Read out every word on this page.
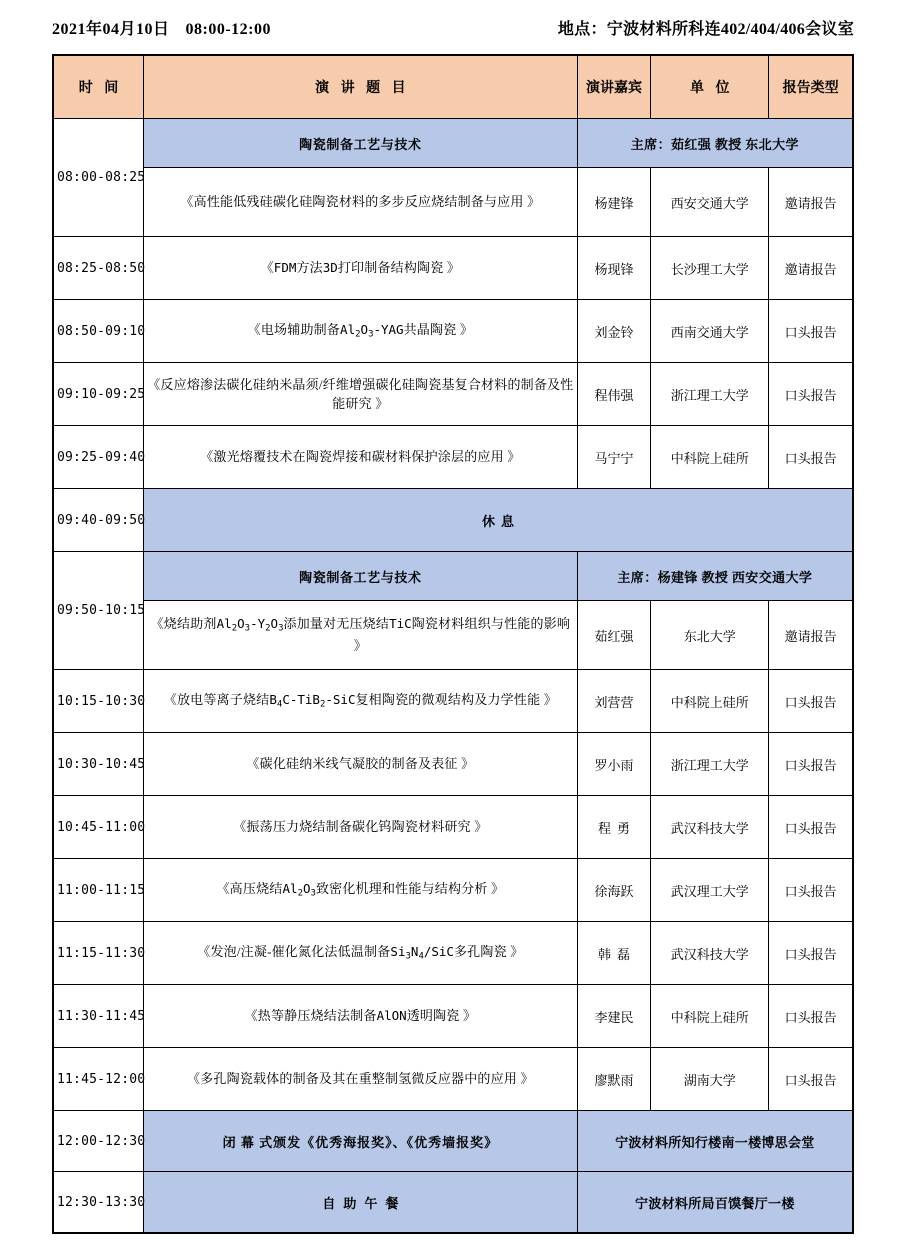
2021年04月10日 08:00-12:00	地点：宁波材料所科连402/404/406会议室
时 间	演 讲 题 目	演讲嘉宾	单 位	报告类型
08:00-08:25	陶瓷制备工艺与技术	主席：茹红强 教授 东北大学		
	《高性能低残硅碳化硅陶瓷材料的多步反应烧结制备与应用 》	杨建锋	西安交通大学	邀请报告
08:25-08:50	《FDM方法3D打印制备结构陶瓷 》	杨现锋	长沙理工大学	邀请报告
08:50-09:10	《电场辅助制备$Al_2O_3$-YAG共晶陶瓷 》	刘金铃	西南交通大学	口头报告
09:10-09:25	《反应熔渗法碳化硅纳米晶须/纤维增强碳化硅陶瓷基复合材料的制备及性能研究 》	程伟强	浙江理工大学	口头报告
09:25-09:40	《激光熔覆技术在陶瓷焊接和碳材料保护涂层的应用 》	马宁宁	中科院上硅所	口头报告
09:40-09:50	休息			
09:50-10:15	陶瓷制备工艺与技术	主席：杨建锋 教授 西安交通大学		
	《烧结助剂$Al_2O_3-Y_2O_3$添加量对无压烧结TiC陶瓷材料组织与性能的影响 》	茹红强	东北大学	邀请报告
10:15-10:30	《放电等离子烧结$B_4C-TiB_2$-SiC复相陶瓷的微观结构及力学性能 》	刘营营	中科院上硅所	口头报告
10:30-10:45	《碳化硅纳米线气凝胶的制备及表征 》	罗小雨	浙江理工大学	口头报告
10:45-11:00	《振荡压力烧结制备碳化钨陶瓷材料研究 》	程勇	武汉科技大学	口头报告
11:00-11:15	《高压烧结$Al_2O_3$致密化机理和性能与结构分析 》	徐海跃	武汉理工大学	口头报告
11:15-11:30	《发泡/注凝-催化氮化法低温制备$Si_3N_4$/SiC多孔陶瓷 》	韩磊	武汉科技大学	口头报告
11:30-11:45	《热等静压烧结法制备AlON透明陶瓷 》	李建民	中科院上硅所	口头报告
11:45-12:00	《多孔陶瓷载体的制备及其在重整制氢微反应器中的应用 》	廖默雨	湖南大学	口头报告
12:00-12:30	闭 幕 式颁发《优秀海报奖》、《优秀墙报奖》	宁波材料所知行楼南一楼博思会堂		
12:30-13:30	自助午餐	宁波材料所局百馍餐厅一楼		
